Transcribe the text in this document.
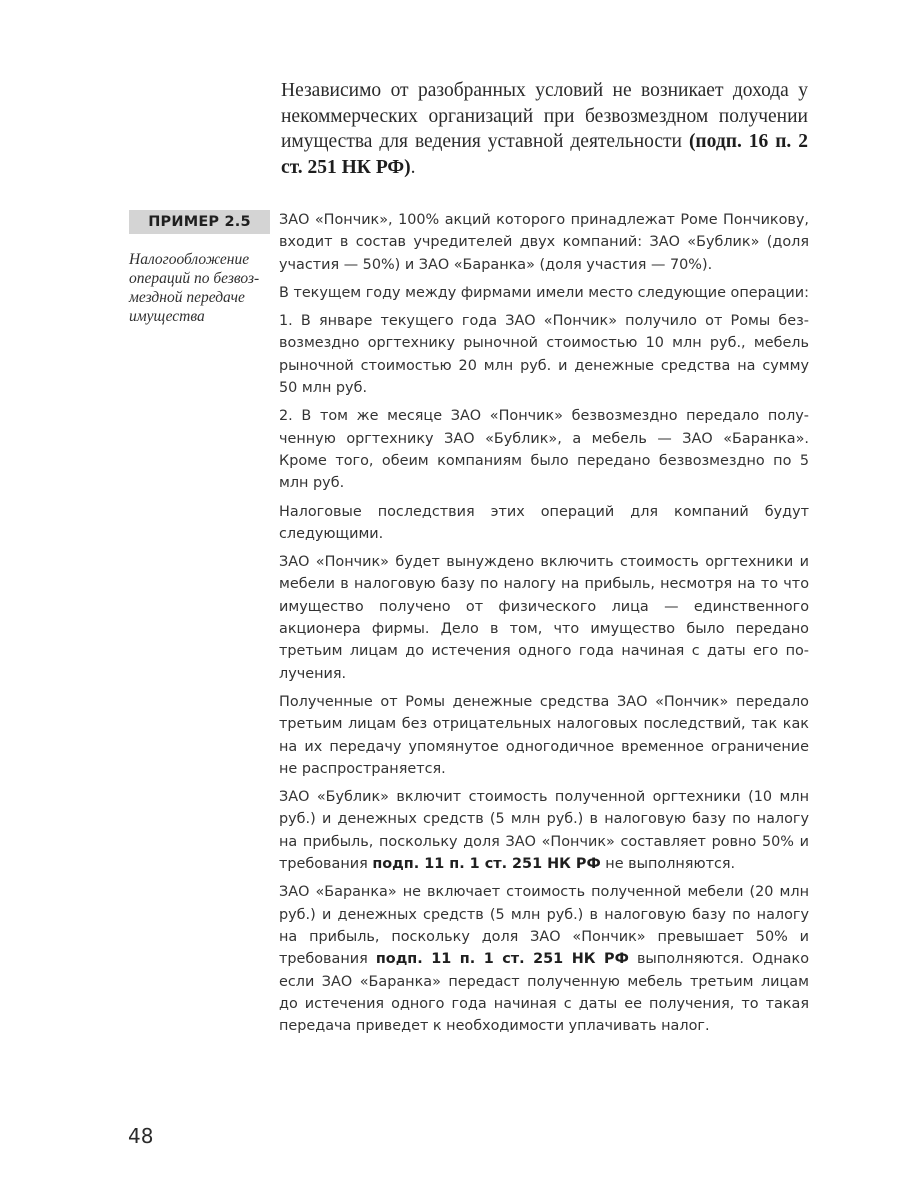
Независимо от разобранных условий не возникает дохода у некоммерческих организаций при безвозмездном получении имущества для ведения уставной деятельности (подп. 16 п. 2 ст. 251 НК РФ).

ПРИМЕР 2.5
Налогообложение операций по безвозмездной передаче имущества

ЗАО «Пончик», 100% акций которого принадлежат Роме Пончикову, входит в состав учредителей двух компаний: ЗАО «Бублик» (доля участия — 50%) и ЗАО «Баранка» (доля участия — 70%).

В текущем году между фирмами имели место следующие операции:

1. В январе текущего года ЗАО «Пончик» получило от Ромы безвозмездно оргтехнику рыночной стоимостью 10 млн руб., мебель рыночной стоимостью 20 млн руб. и денежные средства на сумму 50 млн руб.

2. В том же месяце ЗАО «Пончик» безвозмездно передало полученную оргтехнику ЗАО «Бублик», а мебель — ЗАО «Баранка». Кроме того, обеим компаниям было передано безвозмездно по 5 млн руб.

Налоговые последствия этих операций для компаний будут следующими.

ЗАО «Пончик» будет вынуждено включить стоимость оргтехники и мебели в налоговую базу по налогу на прибыль, несмотря на то что имущество получено от физического лица — единственного акционера фирмы. Дело в том, что имущество было передано третьим лицам до истечения одного года начиная с даты его получения.

Полученные от Ромы денежные средства ЗАО «Пончик» передало третьим лицам без отрицательных налоговых последствий, так как на их передачу упомянутое одногодичное временное ограничение не распространяется.

ЗАО «Бублик» включит стоимость полученной оргтехники (10 млн руб.) и денежных средств (5 млн руб.) в налоговую базу по налогу на прибыль, поскольку доля ЗАО «Пончик» составляет ровно 50% и требования подп. 11 п. 1 ст. 251 НК РФ не выполняются.

ЗАО «Баранка» не включает стоимость полученной мебели (20 млн руб.) и денежных средств (5 млн руб.) в налоговую базу по налогу на прибыль, поскольку доля ЗАО «Пончик» превышает 50% и требования подп. 11 п. 1 ст. 251 НК РФ выполняются. Однако если ЗАО «Баранка» передаст полученную мебель третьим лицам до истечения одного года начиная с даты ее получения, то такая передача приведет к необходимости уплачивать налог.

48
